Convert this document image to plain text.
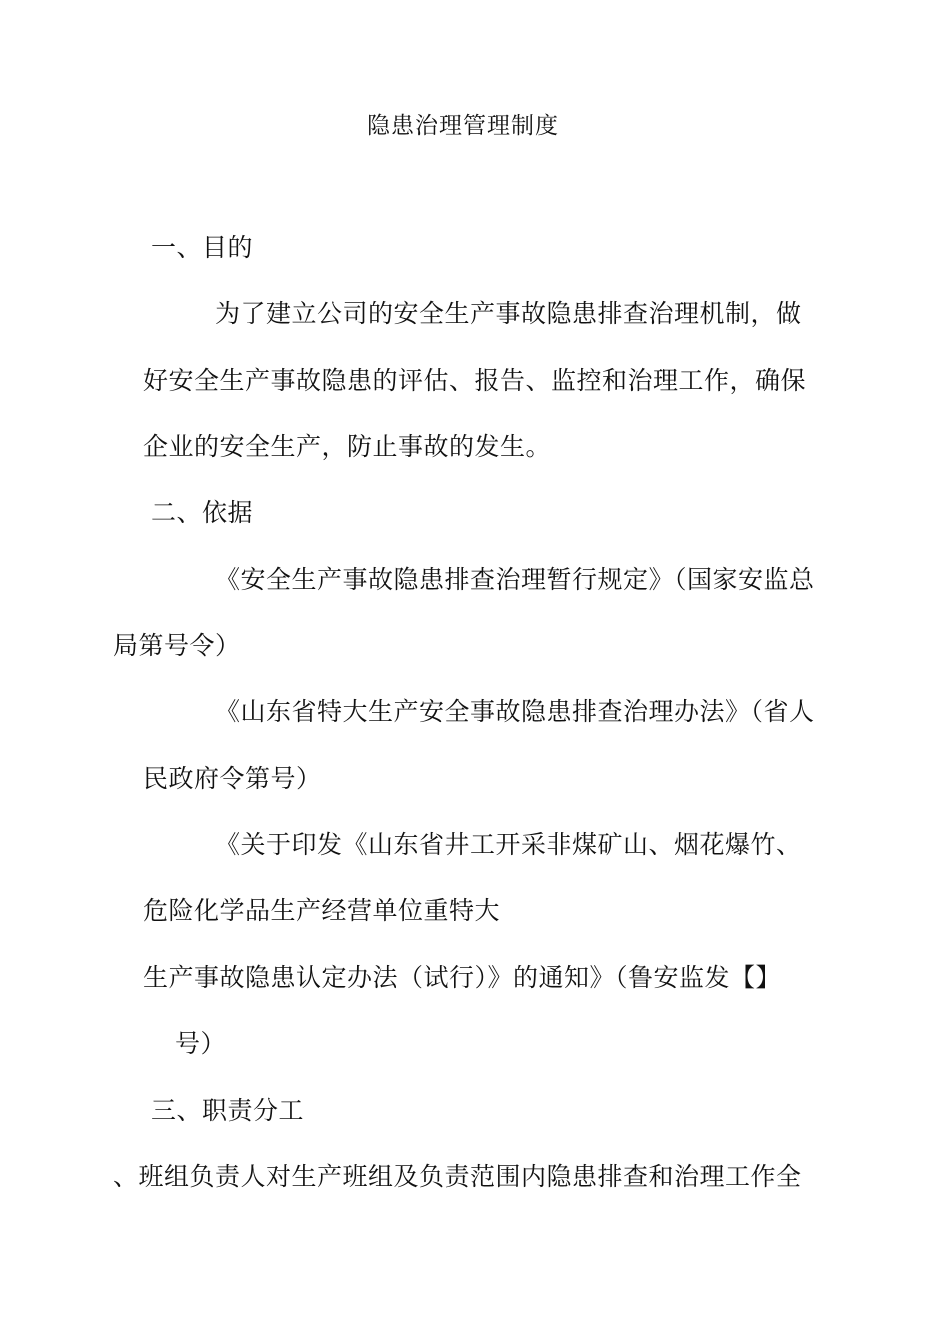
隐患治理管理制度
一、目的
为了建立公司的安全生产事故隐患排查治理机制，做
好安全生产事故隐患的评估、报告、监控和治理工作，确保
企业的安全生产，防止事故的发生。
二、依据
《安全生产事故隐患排查治理暂行规定》（国家安监总
局第号令）
《山东省特大生产安全事故隐患排查治理办法》（省人
民政府令第号）
《关于印发《山东省井工开采非煤矿山、烟花爆竹、
危险化学品生产经营单位重特大
生产事故隐患认定办法（试行）》的通知》（鲁安监发【】
号）
三、职责分工
、班组负责人对生产班组及负责范围内隐患排查和治理工作全
